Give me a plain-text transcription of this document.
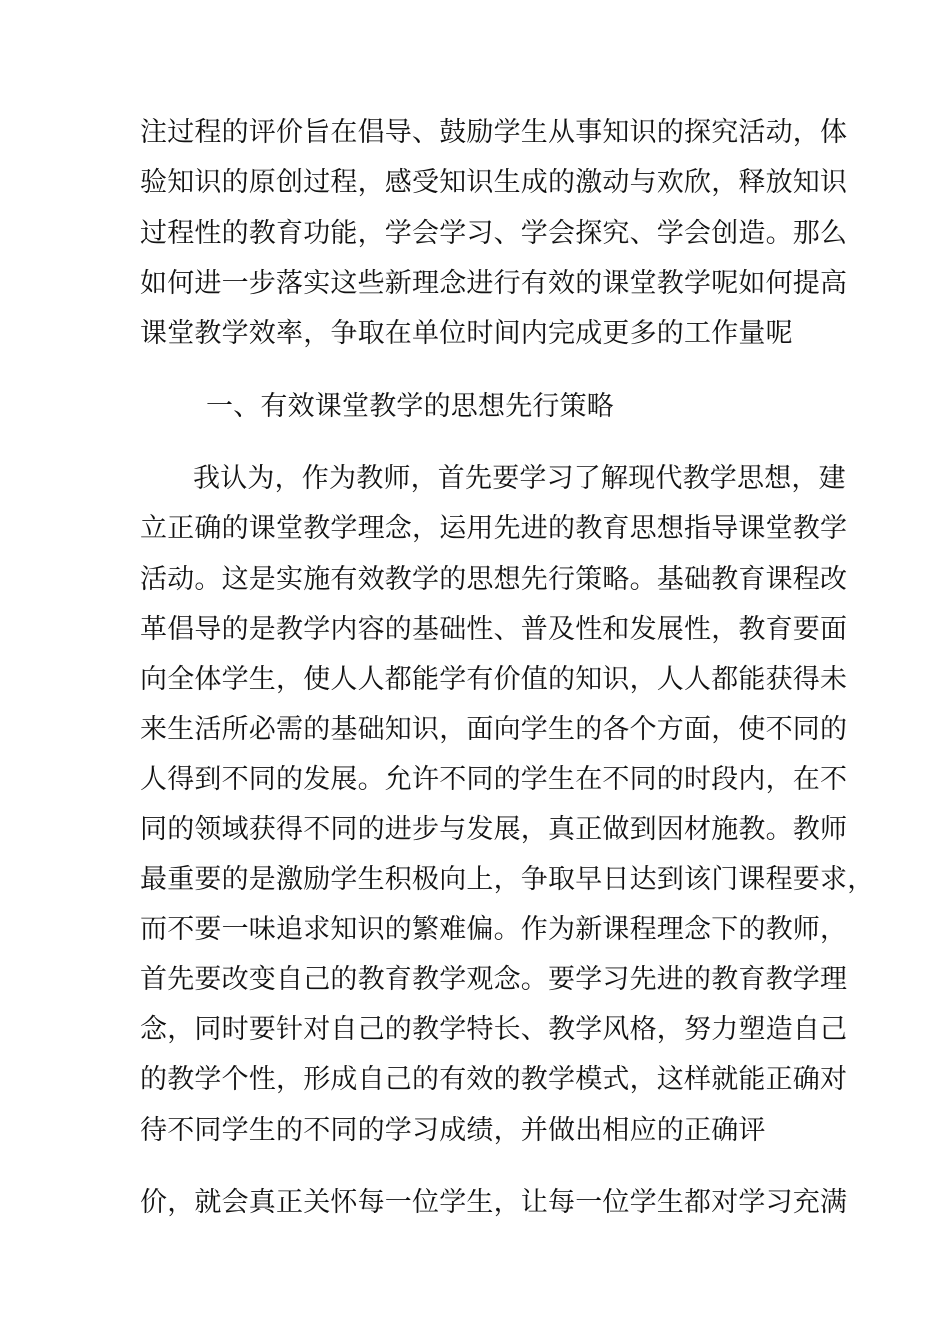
注过程的评价旨在倡导、鼓励学生从事知识的探究活动，体

验知识的原创过程，感受知识生成的激动与欢欣，释放知识

过程性的教育功能，学会学习、学会探究、学会创造。那么

如何进一步落实这些新理念进行有效的课堂教学呢如何提高

课堂教学效率，争取在单位时间内完成更多的工作量呢

一、有效课堂教学的思想先行策略

我认为，作为教师，首先要学习了解现代教学思想，建

立正确的课堂教学理念，运用先进的教育思想指导课堂教学

活动。这是实施有效教学的思想先行策略。基础教育课程改

革倡导的是教学内容的基础性、普及性和发展性，教育要面

向全体学生，使人人都能学有价值的知识，人人都能获得未

来生活所必需的基础知识，面向学生的各个方面，使不同的

人得到不同的发展。允许不同的学生在不同的时段内，在不

同的领域获得不同的进步与发展，真正做到因材施教。教师

最重要的是激励学生积极向上，争取早日达到该门课程要求，

而不要一味追求知识的繁难偏。作为新课程理念下的教师，

首先要改变自己的教育教学观念。要学习先进的教育教学理

念，同时要针对自己的教学特长、教学风格，努力塑造自己

的教学个性，形成自己的有效的教学模式，这样就能正确对

待不同学生的不同的学习成绩，并做出相应的正确评

价，就会真正关怀每一位学生，让每一位学生都对学习充满
